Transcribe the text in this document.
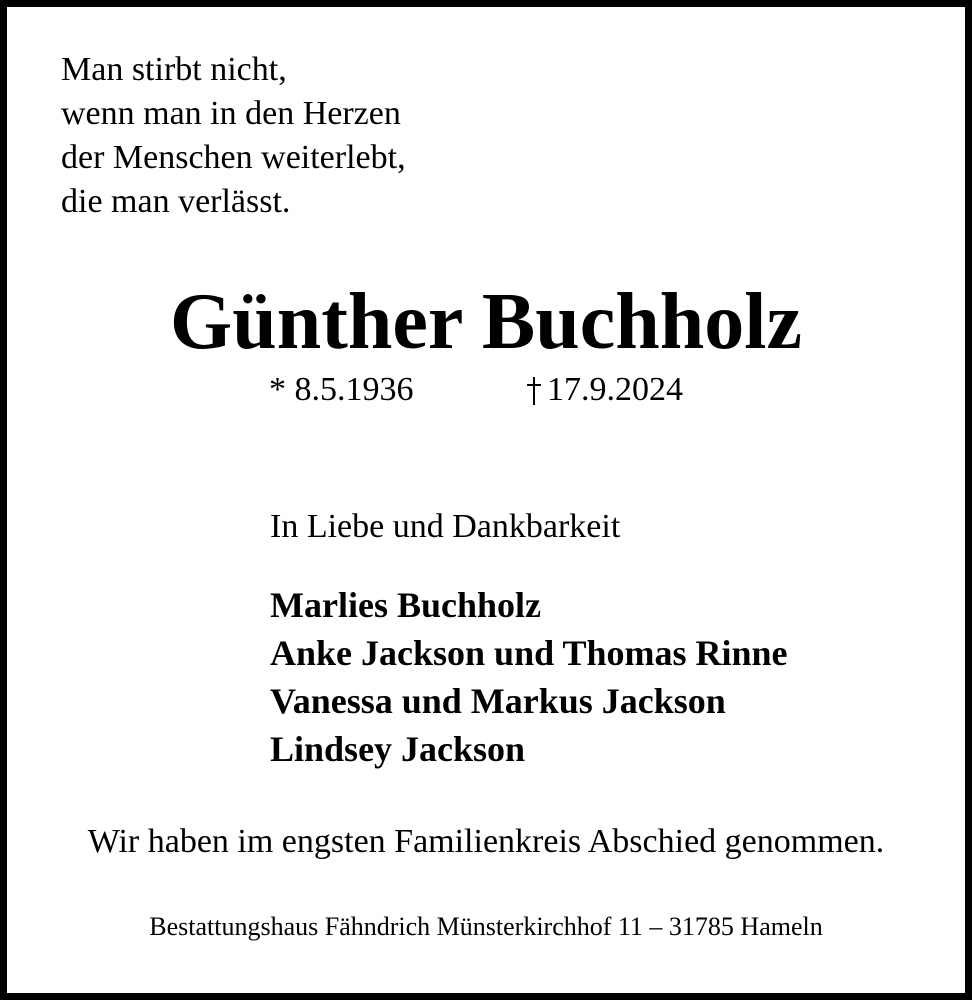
Man stirbt nicht,
wenn man in den Herzen
der Menschen weiterlebt,
die man verlässt.
Günther Buchholz
* 8.5.1936	17.9.2024
In Liebe und Dankbarkeit
Marlies Buchholz
Anke Jackson und Thomas Rinne
Vanessa und Markus Jackson
Lindsey Jackson
Wir haben im engsten Familienkreis Abschied genommen.
Bestattungshaus Fähndrich Münsterkirchhof 11 – 31785 Hameln
